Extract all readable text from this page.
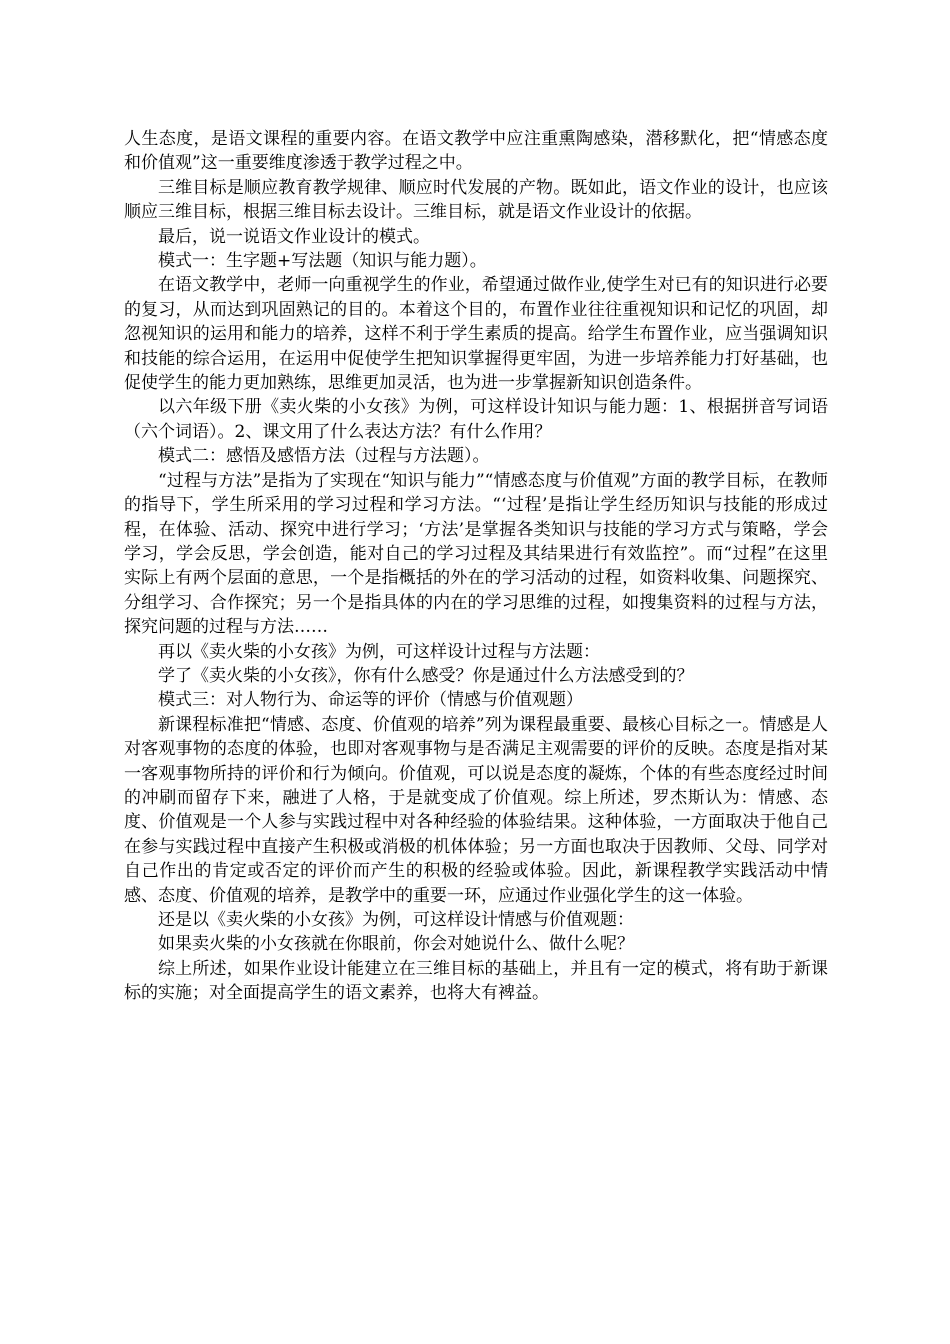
人生态度，是语文课程的重要内容。在语文教学中应注重熏陶感染，潜移默化，把“情感态度和价值观”这一重要维度渗透于教学过程之中。

三维目标是顺应教育教学规律、顺应时代发展的产物。既如此，语文作业的设计，也应该顺应三维目标，根据三维目标去设计。三维目标，就是语文作业设计的依据。

最后，说一说语文作业设计的模式。

模式一：生字题+写法题（知识与能力题）。

在语文教学中，老师一向重视学生的作业，希望通过做作业,使学生对已有的知识进行必要的复习，从而达到巩固熟记的目的。本着这个目的，布置作业往往重视知识和记忆的巩固，却忽视知识的运用和能力的培养，这样不利于学生素质的提高。给学生布置作业，应当强调知识和技能的综合运用，在运用中促使学生把知识掌握得更牢固，为进一步培养能力打好基础，也促使学生的能力更加熟练，思维更加灵活，也为进一步掌握新知识创造条件。

以六年级下册《卖火柴的小女孩》为例，可这样设计知识与能力题：1、根据拼音写词语（六个词语）。2、课文用了什么表达方法？有什么作用？

模式二：感悟及感悟方法（过程与方法题）。

“过程与方法”是指为了实现在“知识与能力”“情感态度与价值观”方面的教学目标，在教师的指导下，学生所采用的学习过程和学习方法。“‘过程’是指让学生经历知识与技能的形成过程，在体验、活动、探究中进行学习；‘方法’是掌握各类知识与技能的学习方式与策略，学会学习，学会反思，学会创造，能对自己的学习过程及其结果进行有效监控”。而“过程”在这里实际上有两个层面的意思，一个是指概括的外在的学习活动的过程，如资料收集、问题探究、分组学习、合作探究；另一个是指具体的内在的学习思维的过程，如搜集资料的过程与方法，探究问题的过程与方法……

再以《卖火柴的小女孩》为例，可这样设计过程与方法题：

学了《卖火柴的小女孩》，你有什么感受？你是通过什么方法感受到的？

模式三：对人物行为、命运等的评价（情感与价值观题）

新课程标准把“情感、态度、价值观的培养”列为课程最重要、最核心目标之一。情感是人对客观事物的态度的体验，也即对客观事物与是否满足主观需要的评价的反映。态度是指对某一客观事物所持的评价和行为倾向。价值观，可以说是态度的凝炼，个体的有些态度经过时间的冲刷而留存下来，融进了人格，于是就变成了价值观。综上所述，罗杰斯认为：情感、态度、价值观是一个人参与实践过程中对各种经验的体验结果。这种体验，一方面取决于他自己在参与实践过程中直接产生积极或消极的机体体验；另一方面也取决于因教师、父母、同学对自己作出的肯定或否定的评价而产生的积极的经验或体验。因此，新课程教学实践活动中情感、态度、价值观的培养，是教学中的重要一环，应通过作业强化学生的这一体验。

还是以《卖火柴的小女孩》为例，可这样设计情感与价值观题：

如果卖火柴的小女孩就在你眼前，你会对她说什么、做什么呢？

综上所述，如果作业设计能建立在三维目标的基础上，并且有一定的模式，将有助于新课标的实施；对全面提高学生的语文素养，也将大有裨益。
